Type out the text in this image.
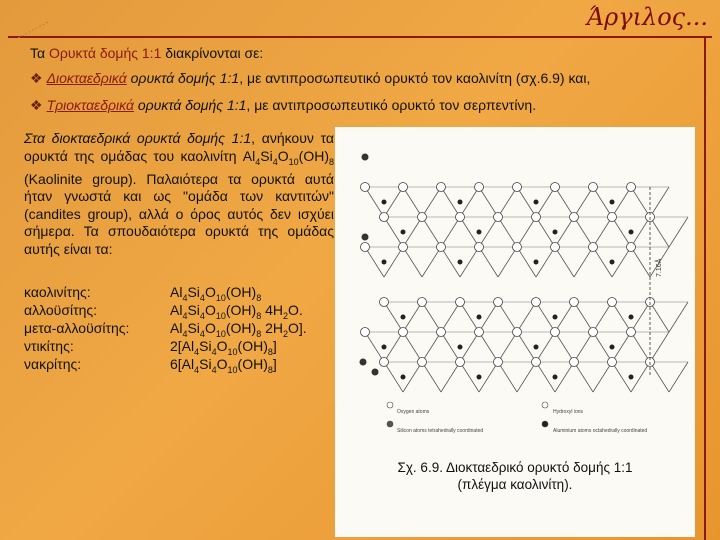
Άργιλος...
Τα Ορυκτά δομής 1:1 διακρίνονται σε:
❖ Διοκταεδρικά ορυκτά δομής 1:1, με αντιπροσωπευτικό ορυκτό τον καολινίτη (σχ.6.9) και,
❖ Τριοκταεδρικά ορυκτά δομής 1:1, με αντιπροσωπευτικό ορυκτό τον σερπεντίνη.
Στα διοκταεδρικά ορυκτά δομής 1:1, ανήκουν τα ορυκτά της ομάδας του καολινίτη $Al_4Si_4O_{10}(OH)_8$ (Kaolinite group). Παλαιότερα τα ορυκτά αυτά ήταν γνωστά και ως "ομάδα των καντιτών" (candites group), αλλά ο όρος αυτός δεν ισχύει σήμερα. Τα σπουδαιότερα ορυκτά της ομάδας αυτής είναι τα:
καολινίτης:	$Al_4Si_4O_{10}(OH)_8$
αλλοϋσίτης:	$Al_4Si_4O_{10}(OH)_8$ $4H_2O$.
μετα-αλλοϋσίτης:	$Al_4Si_4O_{10}(OH)_8$ $2H_2O$].
ντικίτης:	$2[Al_4Si_4O_{10}(OH)_8]$
νακρίτης:	$6[Al_4Si_4O_{10}(OH)_8]$
7.16Å
Oxygen atoms	Hydroxyl ions
Silicon atoms tetrahedrally coordinated	Aluminium atoms octahedrally coordinated
Σχ. 6.9. Διοκταεδρικό ορυκτό δομής 1:1
(πλέγμα καολινίτη).
